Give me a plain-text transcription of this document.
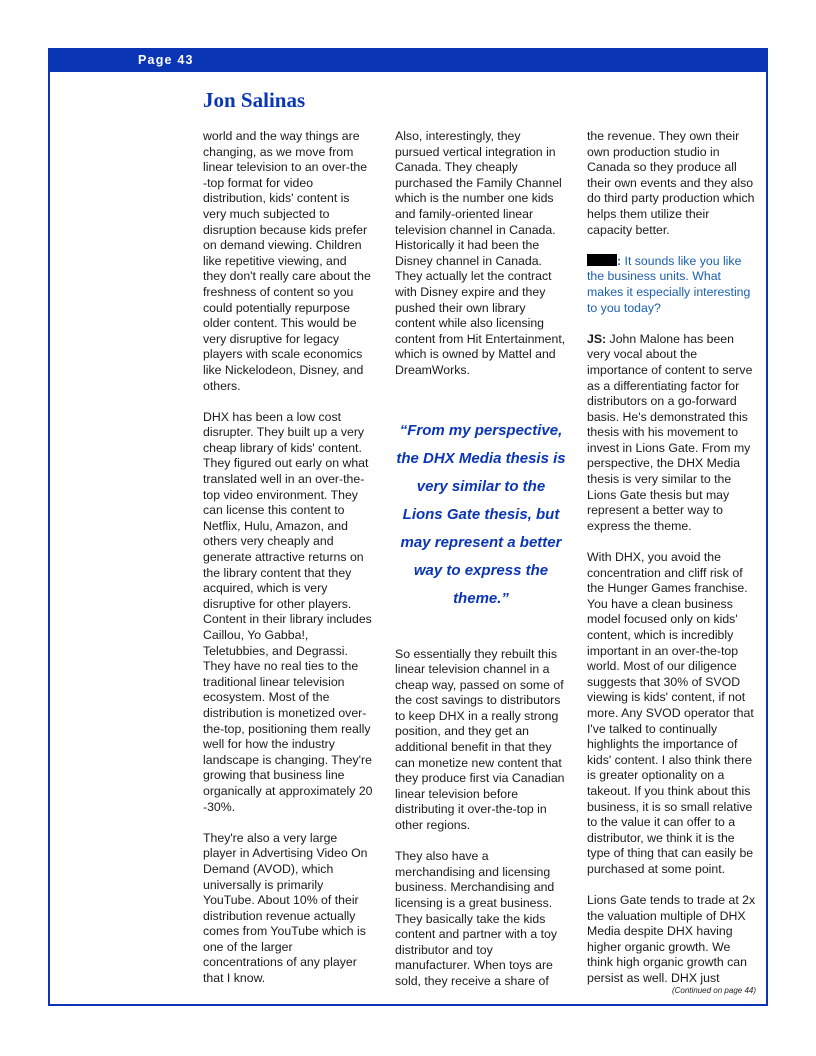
Page 43
Jon Salinas

world and the way things are changing, as we move from linear television to an over-the -top format for video distribution, kids' content is very much subjected to disruption because kids prefer on demand viewing. Children like repetitive viewing, and they don't really care about the freshness of content so you could potentially repurpose older content. This would be very disruptive for legacy players with scale economics like Nickelodeon, Disney, and others.

DHX has been a low cost disrupter. They built up a very cheap library of kids' content. They figured out early on what translated well in an over-the-top video environment. They can license this content to Netflix, Hulu, Amazon, and others very cheaply and generate attractive returns on the library content that they acquired, which is very disruptive for other players. Content in their library includes Caillou, Yo Gabba!, Teletubbies, and Degrassi. They have no real ties to the traditional linear television ecosystem. Most of the distribution is monetized over-the-top, positioning them really well for how the industry landscape is changing. They're growing that business line organically at approximately 20 -30%.

They're also a very large player in Advertising Video On Demand (AVOD), which universally is primarily YouTube. About 10% of their distribution revenue actually comes from YouTube which is one of the larger concentrations of any player that I know.

Also, interestingly, they pursued vertical integration in Canada. They cheaply purchased the Family Channel which is the number one kids and family-oriented linear television channel in Canada. Historically it had been the Disney channel in Canada. They actually let the contract with Disney expire and they pushed their own library content while also licensing content from Hit Entertainment, which is owned by Mattel and DreamWorks.

“From my perspective, the DHX Media thesis is very similar to the Lions Gate thesis, but may represent a better way to express the theme.”

So essentially they rebuilt this linear television channel in a cheap way, passed on some of the cost savings to distributors to keep DHX in a really strong position, and they get an additional benefit in that they can monetize new content that they produce first via Canadian linear television before distributing it over-the-top in other regions.

They also have a merchandising and licensing business. Merchandising and licensing is a great business. They basically take the kids content and partner with a toy distributor and toy manufacturer. When toys are sold, they receive a share of

the revenue. They own their own production studio in Canada so they produce all their own events and they also do third party production which helps them utilize their capacity better.

: It sounds like you like the business units. What makes it especially interesting to you today?

JS: John Malone has been very vocal about the importance of content to serve as a differentiating factor for distributors on a go-forward basis. He's demonstrated this thesis with his movement to invest in Lions Gate. From my perspective, the DHX Media thesis is very similar to the Lions Gate thesis but may represent a better way to express the theme.

With DHX, you avoid the concentration and cliff risk of the Hunger Games franchise. You have a clean business model focused only on kids' content, which is incredibly important in an over-the-top world. Most of our diligence suggests that 30% of SVOD viewing is kids' content, if not more. Any SVOD operator that I've talked to continually highlights the importance of kids' content. I also think there is greater optionality on a takeout. If you think about this business, it is so small relative to the value it can offer to a distributor, we think it is the type of thing that can easily be purchased at some point.

Lions Gate tends to trade at 2x the valuation multiple of DHX Media despite DHX having higher organic growth. We think high organic growth can persist as well. DHX just

(Continued on page 44)
